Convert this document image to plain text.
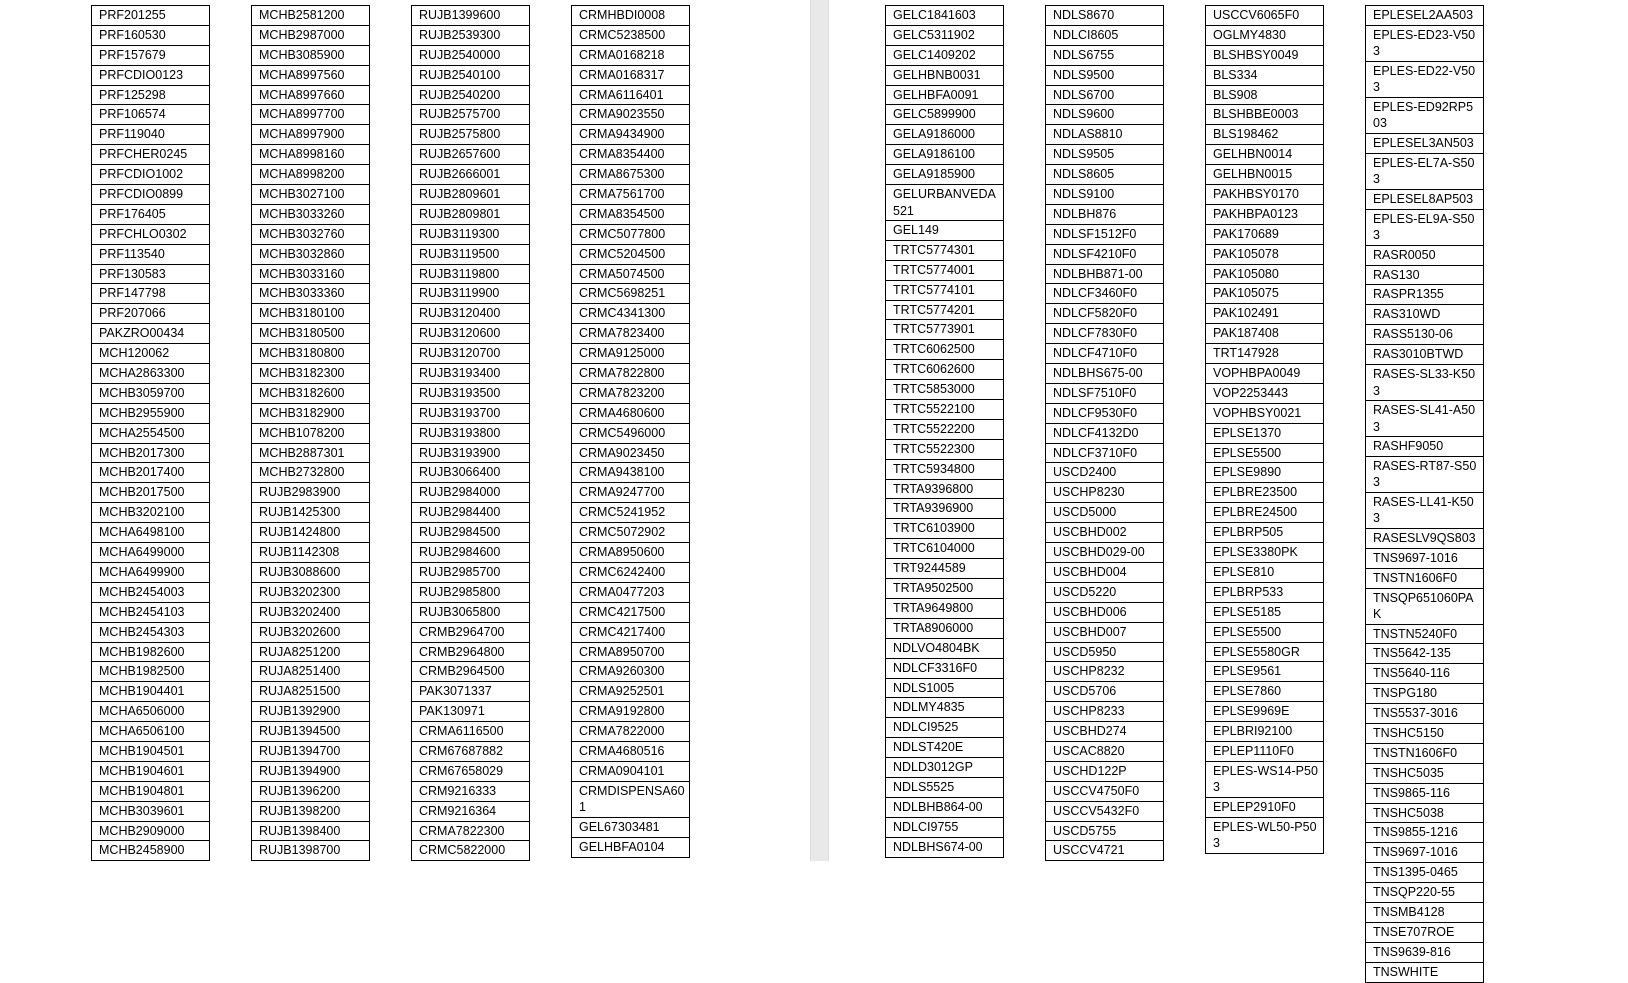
PRF201255
PRF160530
PRF157679
PRFCDIO0123
PRF125298
PRF106574
PRF119040
PRFCHER0245
PRFCDIO1002
PRFCDIO0899
PRF176405
PRFCHLO0302
PRF113540
PRF130583
PRF147798
PRF207066
PAKZRO00434
MCH120062
MCHA2863300
MCHB3059700
MCHB2955900
MCHA2554500
MCHB2017300
MCHB2017400
MCHB2017500
MCHB3202100
MCHA6498100
MCHA6499000
MCHA6499900
MCHB2454003
MCHB2454103
MCHB2454303
MCHB1982600
MCHB1982500
MCHB1904401
MCHA6506000
MCHA6506100
MCHB1904501
MCHB1904601
MCHB1904801
MCHB3039601
MCHB2909000
MCHB2458900
MCHB2581200
MCHB2987000
MCHB3085900
MCHA8997560
MCHA8997660
MCHA8997700
MCHA8997900
MCHA8998160
MCHA8998200
MCHB3027100
MCHB3033260
MCHB3032760
MCHB3032860
MCHB3033160
MCHB3033360
MCHB3180100
MCHB3180500
MCHB3180800
MCHB3182300
MCHB3182600
MCHB3182900
MCHB1078200
MCHB2887301
MCHB2732800
RUJB2983900
RUJB1425300
RUJB1424800
RUJB1142308
RUJB3088600
RUJB3202300
RUJB3202400
RUJB3202600
RUJA8251200
RUJA8251400
RUJA8251500
RUJB1392900
RUJB1394500
RUJB1394700
RUJB1394900
RUJB1396200
RUJB1398200
RUJB1398400
RUJB1398700
RUJB1399600
RUJB2539300
RUJB2540000
RUJB2540100
RUJB2540200
RUJB2575700
RUJB2575800
RUJB2657600
RUJB2666001
RUJB2809601
RUJB2809801
RUJB3119300
RUJB3119500
RUJB3119800
RUJB3119900
RUJB3120400
RUJB3120600
RUJB3120700
RUJB3193400
RUJB3193500
RUJB3193700
RUJB3193800
RUJB3193900
RUJB3066400
RUJB2984000
RUJB2984400
RUJB2984500
RUJB2984600
RUJB2985700
RUJB2985800
RUJB3065800
CRMB2964700
CRMB2964800
CRMB2964500
PAK3071337
PAK130971
CRMA6116500
CRM67687882
CRM67658029
CRM9216333
CRM9216364
CRMA7822300
CRMC5822000
CRMHBDI0008
CRMC5238500
CRMA0168218
CRMA0168317
CRMA6116401
CRMA9023550
CRMA9434900
CRMA8354400
CRMA8675300
CRMA7561700
CRMA8354500
CRMC5077800
CRMC5204500
CRMA5074500
CRMC5698251
CRMC4341300
CRMA7823400
CRMA9125000
CRMA7822800
CRMA7823200
CRMA4680600
CRMC5496000
CRMA9023450
CRMA9438100
CRMA9247700
CRMC5241952
CRMC5072902
CRMA8950600
CRMC6242400
CRMA0477203
CRMC4217500
CRMC4217400
CRMA8950700
CRMA9260300
CRMA9252501
CRMA9192800
CRMA7822000
CRMA4680516
CRMA0904101
CRMDISPENSA601
GEL67303481
GELHBFA0104
GELC1841603
GELC5311902
GELC1409202
GELHBNB0031
GELHBFA0091
GELC5899900
GELA9186000
GELA9186100
GELA9185900
GELURBANVEDA521
GEL149
TRTC5774301
TRTC5774001
TRTC5774101
TRTC5774201
TRTC5773901
TRTC6062500
TRTC6062600
TRTC5853000
TRTC5522100
TRTC5522200
TRTC5522300
TRTC5934800
TRTA9396800
TRTA9396900
TRTC6103900
TRTC6104000
TRT9244589
TRTA9502500
TRTA9649800
TRTA8906000
NDLVO4804BK
NDLCF3316F0
NDLS1005
NDLMY4835
NDLCI9525
NDLST420E
NDLD3012GP
NDLS5525
NDLBHB864-00
NDLCI9755
NDLBHS674-00
NDLS8670
NDLCI8605
NDLS6755
NDLS9500
NDLS6700
NDLS9600
NDLAS8810
NDLS9505
NDLS8605
NDLS9100
NDLBH876
NDLSF1512F0
NDLSF4210F0
NDLBHB871-00
NDLCF3460F0
NDLCF5820F0
NDLCF7830F0
NDLCF4710F0
NDLBHS675-00
NDLSF7510F0
NDLCF9530F0
NDLCF4132D0
NDLCF3710F0
USCD2400
USCHP8230
USCD5000
USCBHD002
USCBHD029-00
USCBHD004
USCD5220
USCBHD006
USCBHD007
USCD5950
USCHP8232
USCD5706
USCHP8233
USCBHD274
USCAC8820
USCHD122P
USCCV4750F0
USCCV5432F0
USCD5755
USCCV4721
USCCV6065F0
OGLMY4830
BLSHBSY0049
BLS334
BLS908
BLSHBBE0003
BLS198462
GELHBN0014
GELHBN0015
PAKHBSY0170
PAKHBPA0123
PAK170689
PAK105078
PAK105080
PAK105075
PAK102491
PAK187408
TRT147928
VOPHBPA0049
VOP2253443
VOPHBSY0021
EPLSE1370
EPLSE5500
EPLSE9890
EPLBRE23500
EPLBRE24500
EPLBRP505
EPLSE3380PK
EPLSE810
EPLBRP533
EPLSE5185
EPLSE5500
EPLSE5580GR
EPLSE9561
EPLSE7860
EPLSE9969E
EPLBRI92100
EPLEP1110F0
EPLES-WS14-P503
EPLEP2910F0
EPLES-WL50-P503
EPLESEL2AA503
EPLES-ED23-V503
EPLES-ED22-V503
EPLES-ED92RP503
EPLESEL3AN503
EPLES-EL7A-S503
EPLESEL8AP503
EPLES-EL9A-S503
RASR0050
RAS130
RASPR1355
RAS310WD
RASS5130-06
RAS3010BTWD
RASES-SL33-K503
RASES-SL41-A503
RASHF9050
RASES-RT87-S503
RASES-LL41-K503
RASESLV9QS803
TNS9697-1016
TNSTN1606F0
TNSQP651060PAK
TNSTN5240F0
TNS5642-135
TNS5640-116
TNSPG180
TNS5537-3016
TNSHC5150
TNSTN1606F0
TNSHC5035
TNS9865-116
TNSHC5038
TNS9855-1216
TNS9697-1016
TNS1395-0465
TNSQP220-55
TNSMB4128
TNSE707ROE
TNS9639-816
TNSWHITE
